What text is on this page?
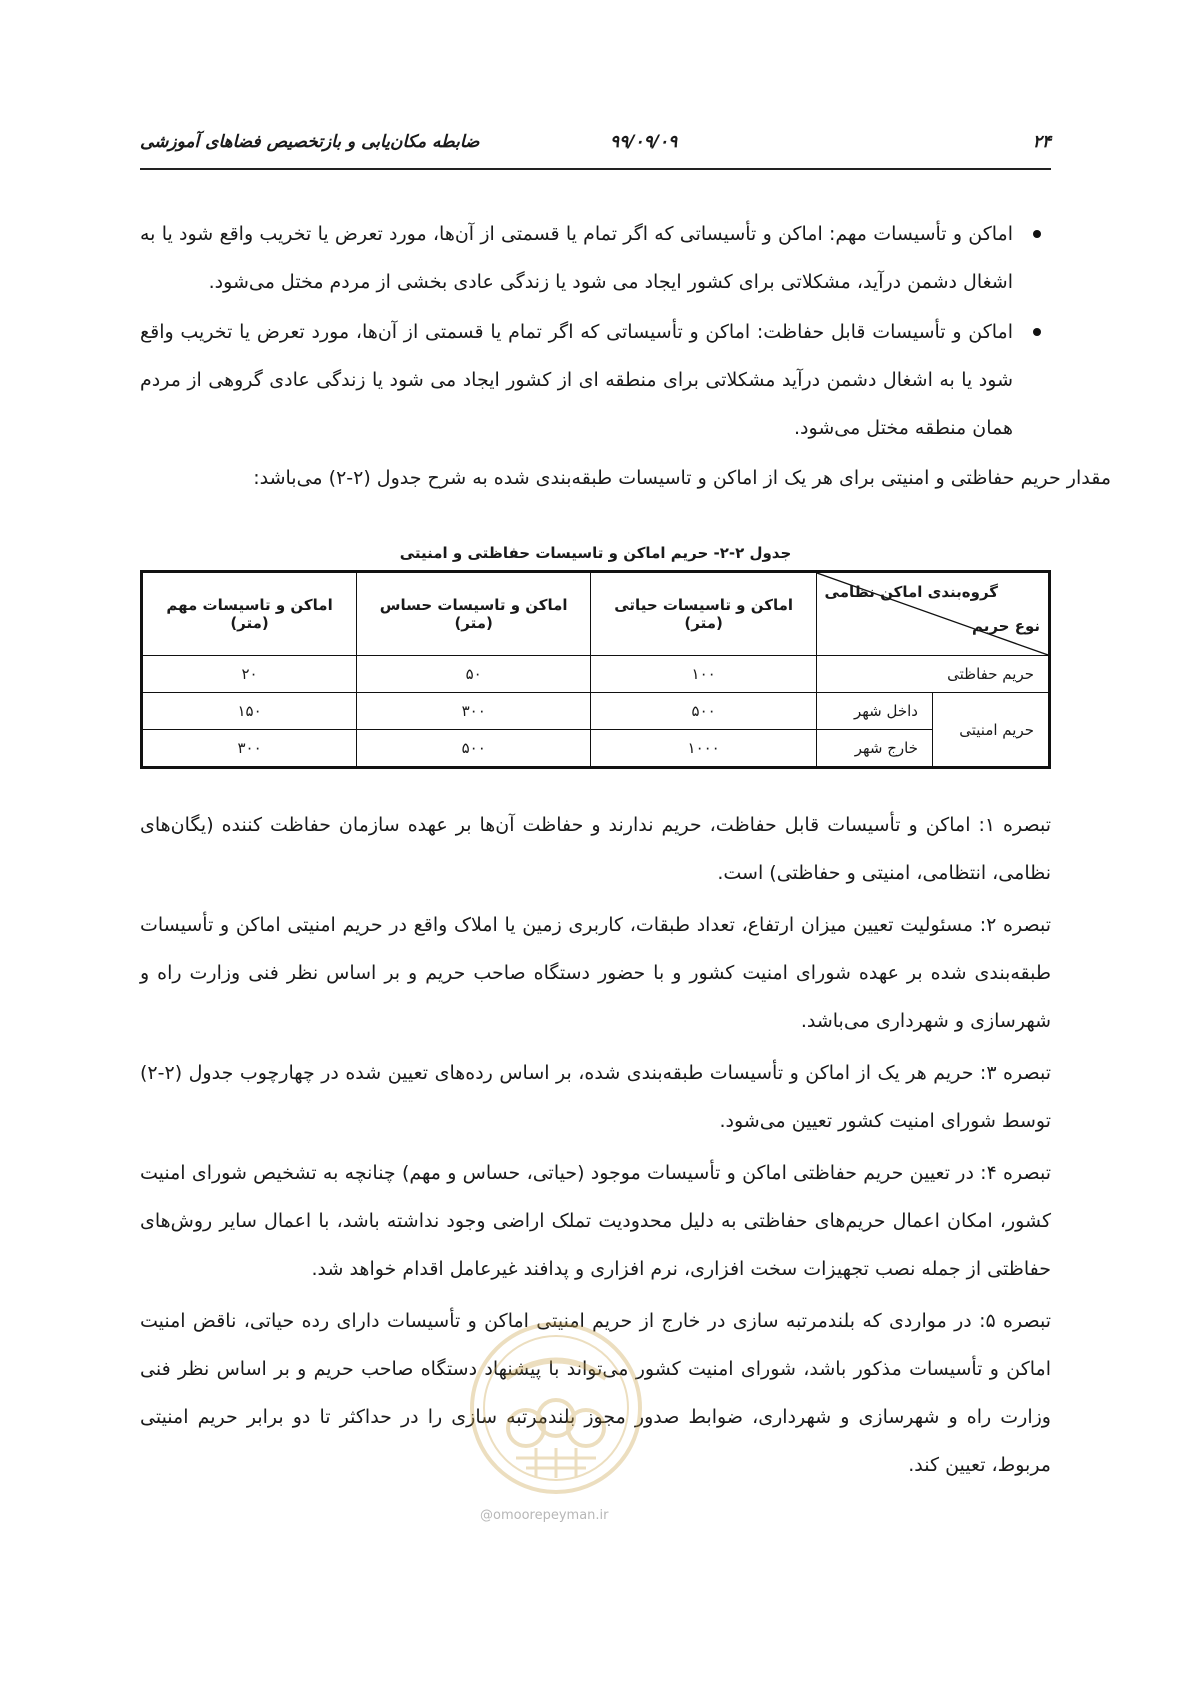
۲۴
۹۹/۰۹/۰۹
ضابطه مکان‌یابی و بازتخصیص فضاهای آموزشی
اماکن و تأسیسات مهم: اماکن و تأسیساتی که اگر تمام یا قسمتی از آن‌ها، مورد تعرض یا تخریب واقع شود یا به اشغال دشمن درآید، مشکلاتی برای کشور ایجاد می شود یا زندگی عادی بخشی از مردم مختل می‌شود.
اماکن و تأسیسات قابل حفاظت: اماکن و تأسیساتی که اگر تمام یا قسمتی از آن‌ها، مورد تعرض یا تخریب واقع شود یا به اشغال دشمن درآید مشکلاتی برای منطقه ای از کشور ایجاد می شود یا زندگی عادی گروهی از مردم همان منطقه مختل می‌شود.

مقدار حریم حفاظتی و امنیتی برای هر یک از اماکن و تاسیسات طبقه‌بندی شده به شرح جدول (۲-۲) می‌باشد:

جدول ۲-۲- حریم اماکن و تاسیسات حفاظتی و امنیتی
گروه‌بندی اماکن نظامی
نوع حریم		اماکن و تاسیسات حیاتی (متر)	اماکن و تاسیسات حساس (متر)	اماکن و تاسیسات مهم (متر)
حریم حفاظتی		۱۰۰	۵۰	۲۰
حریم امنیتی	داخل شهر	۵۰۰	۳۰۰	۱۵۰
	خارج شهر	۱۰۰۰	۵۰۰	۳۰۰

تبصره ۱: اماکن و تأسیسات قابل حفاظت، حریم ندارند و حفاظت آن‌ها بر عهده سازمان حفاظت کننده (یگان‌های نظامی، انتظامی، امنیتی و حفاظتی) است.

تبصره ۲: مسئولیت تعیین میزان ارتفاع، تعداد طبقات، کاربری زمین یا املاک واقع در حریم امنیتی اماکن و تأسیسات طبقه‌بندی شده بر عهده شورای امنیت کشور و با حضور دستگاه صاحب حریم و بر اساس نظر فنی وزارت راه و شهرسازی و شهرداری می‌باشد.

تبصره ۳: حریم هر یک از اماکن و تأسیسات طبقه‌بندی شده، بر اساس رده‌های تعیین شده در چهارچوب جدول (۲-۲) توسط شورای امنیت کشور تعیین می‌شود.

تبصره ۴: در تعیین حریم حفاظتی اماکن و تأسیسات موجود (حیاتی، حساس و مهم) چنانچه به تشخیص شورای امنیت کشور، امکان اعمال حریم‌های حفاظتی به دلیل محدودیت تملک اراضی وجود نداشته باشد، با اعمال سایر روش‌های حفاظتی از جمله نصب تجهیزات سخت افزاری، نرم افزاری و پدافند غیرعامل اقدام خواهد شد.

تبصره ۵: در مواردی که بلندمرتبه سازی در خارج از حریم امنیتی اماکن و تأسیسات دارای رده حیاتی، ناقض امنیت اماکن و تأسیسات مذکور باشد، شورای امنیت کشور می‌تواند با پیشنهاد دستگاه صاحب حریم و بر اساس نظر فنی وزارت راه و شهرسازی و شهرداری، ضوابط صدور مجوز بلندمرتبه سازی را در حداکثر تا دو برابر حریم امنیتی مربوط، تعیین کند.

@omoorepeyman.ir
